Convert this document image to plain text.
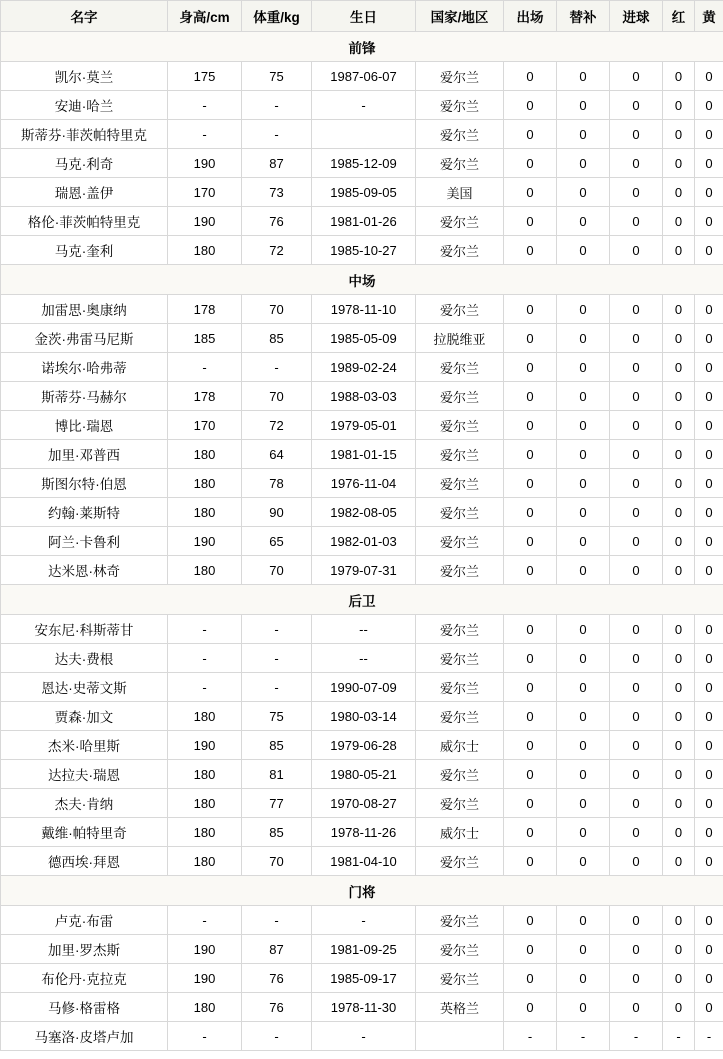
名字	身高/cm	体重/kg	生日	国家/地区	出场	替补	进球	红	黄
前锋									
凯尔·莫兰	175	75	1987-06-07	爱尔兰	0	0	0	0	0
安迪·哈兰	-	-	-	爱尔兰	0	0	0	0	0
斯蒂芬·菲茨帕特里克	-	-		爱尔兰	0	0	0	0	0
马克·利奇	190	87	1985-12-09	爱尔兰	0	0	0	0	0
瑞恩·盖伊	170	73	1985-09-05	美国	0	0	0	0	0
格伦·菲茨帕特里克	190	76	1981-01-26	爱尔兰	0	0	0	0	0
马克·奎利	180	72	1985-10-27	爱尔兰	0	0	0	0	0
中场									
加雷思·奥康纳	178	70	1978-11-10	爱尔兰	0	0	0	0	0
金茨·弗雷马尼斯	185	85	1985-05-09	拉脱维亚	0	0	0	0	0
诺埃尔·哈弗蒂	-	-	1989-02-24	爱尔兰	0	0	0	0	0
斯蒂芬·马赫尔	178	70	1988-03-03	爱尔兰	0	0	0	0	0
博比·瑞恩	170	72	1979-05-01	爱尔兰	0	0	0	0	0
加里·邓普西	180	64	1981-01-15	爱尔兰	0	0	0	0	0
斯图尔特·伯恩	180	78	1976-11-04	爱尔兰	0	0	0	0	0
约翰·莱斯特	180	90	1982-08-05	爱尔兰	0	0	0	0	0
阿兰·卡鲁利	190	65	1982-01-03	爱尔兰	0	0	0	0	0
达米恩·林奇	180	70	1979-07-31	爱尔兰	0	0	0	0	0
后卫									
安东尼·科斯蒂甘	-	-	--	爱尔兰	0	0	0	0	0
达夫·费根	-	-	--	爱尔兰	0	0	0	0	0
恩达·史蒂文斯	-	-	1990-07-09	爱尔兰	0	0	0	0	0
贾森·加文	180	75	1980-03-14	爱尔兰	0	0	0	0	0
杰米·哈里斯	190	85	1979-06-28	威尔士	0	0	0	0	0
达拉夫·瑞恩	180	81	1980-05-21	爱尔兰	0	0	0	0	0
杰夫·肯纳	180	77	1970-08-27	爱尔兰	0	0	0	0	0
戴维·帕特里奇	180	85	1978-11-26	威尔士	0	0	0	0	0
德西埃·拜恩	180	70	1981-04-10	爱尔兰	0	0	0	0	0
门将									
卢克·布雷	-	-	-	爱尔兰	0	0	0	0	0
加里·罗杰斯	190	87	1981-09-25	爱尔兰	0	0	0	0	0
布伦丹·克拉克	190	76	1985-09-17	爱尔兰	0	0	0	0	0
马修·格雷格	180	76	1978-11-30	英格兰	0	0	0	0	0
马塞洛·皮塔卢加	-	-	-		-	-	-	-	-
